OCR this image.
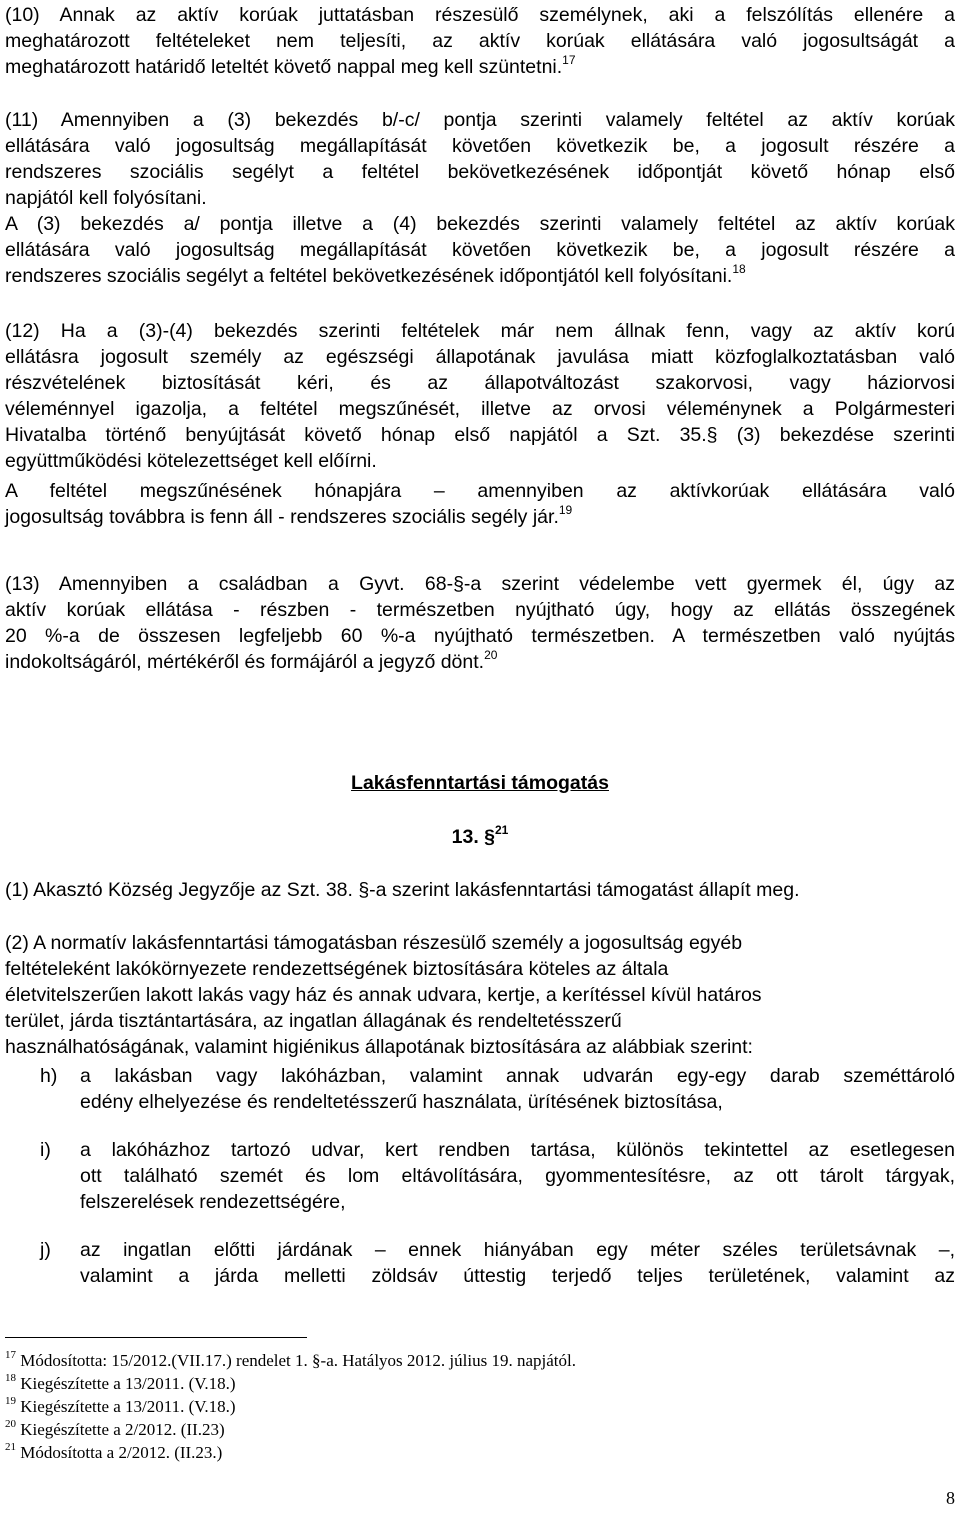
(10) Annak az aktív korúak juttatásban részesülő személynek, aki a felszólítás ellenére a
meghatározott feltételeket nem teljesíti, az aktív korúak ellátására való jogosultságát a
meghatározott határidő leteltét követő nappal meg kell szüntetni.$^{17}$
(11) Amennyiben a (3) bekezdés b/-c/ pontja szerinti valamely feltétel az aktív korúak
ellátására való jogosultság megállapítását követően következik be, a jogosult részére a
rendszeres szociális segélyt a feltétel bekövetkezésének időpontját követő hónap első
napjától kell folyósítani.
A (3) bekezdés a/ pontja illetve a (4) bekezdés szerinti valamely feltétel az aktív korúak
ellátására való jogosultság megállapítását követően következik be, a jogosult részére a
rendszeres szociális segélyt a feltétel bekövetkezésének időpontjától kell folyósítani.$^{18}$
(12) Ha a (3)-(4) bekezdés szerinti feltételek már nem állnak fenn, vagy az aktív korú
ellátásra jogosult személy az egészségi állapotának javulása miatt közfoglalkoztatásban való
részvételének biztosítását kéri, és az állapotváltozást szakorvosi, vagy háziorvosi
véleménnyel igazolja, a feltétel megszűnését, illetve az orvosi véleménynek a Polgármesteri
Hivatalba történő benyújtását követő hónap első napjától a Szt. 35.§ (3) bekezdése szerinti
együttműködési kötelezettséget kell előírni.
A feltétel megszűnésének hónapjára – amennyiben az aktívkorúak ellátására való
jogosultság továbbra is fenn áll - rendszeres szociális segély jár.$^{19}$
(13) Amennyiben a családban a Gyvt. 68-§-a szerint védelembe vett gyermek él, úgy az
aktív korúak ellátása - részben - természetben nyújtható úgy, hogy az ellátás összegének
20 %-a de összesen legfeljebb 60 %-a nyújtható természetben. A természetben való nyújtás
indokoltságáról, mértékéről és formájáról a jegyző dönt.$^{20}$
Lakásfenntartási támogatás
13. §$^{21}$
(1) Akasztó Község Jegyzője az Szt. 38. §-a szerint lakásfenntartási támogatást állapít meg.
(2) A normatív lakásfenntartási támogatásban részesülő személy a jogosultság egyéb
feltételeként lakókörnyezete rendezettségének biztosítására köteles az általa
életvitelszerűen lakott lakás vagy ház és annak udvara, kertje, a kerítéssel kívül határos
terület, járda tisztántartására, az ingatlan állagának és rendeltetésszerű
használhatóságának, valamint higiénikus állapotának biztosítására az alábbiak szerint:
h) a lakásban vagy lakóházban, valamint annak udvarán egy-egy darab szeméttároló
edény elhelyezése és rendeltetésszerű használata, ürítésének biztosítása,
i) a lakóházhoz tartozó udvar, kert rendben tartása, különös tekintettel az esetlegesen
ott található szemét és lom eltávolítására, gyommentesítésre, az ott tárolt tárgyak,
felszerelések rendezettségére,
j) az ingatlan előtti járdának – ennek hiányában egy méter széles területsávnak –,
valamint a járda melletti zöldsáv úttestig terjedő teljes területének, valamint az
$^{17}$ Módosította: 15/2012.(VII.17.) rendelet 1. §-a. Hatályos 2012. július 19. napjától.
$^{18}$ Kiegészítette a 13/2011. (V.18.)
$^{19}$ Kiegészítette a 13/2011. (V.18.)
$^{20}$ Kiegészítette a 2/2012. (II.23)
$^{21}$ Módosította a 2/2012. (II.23.)
8
